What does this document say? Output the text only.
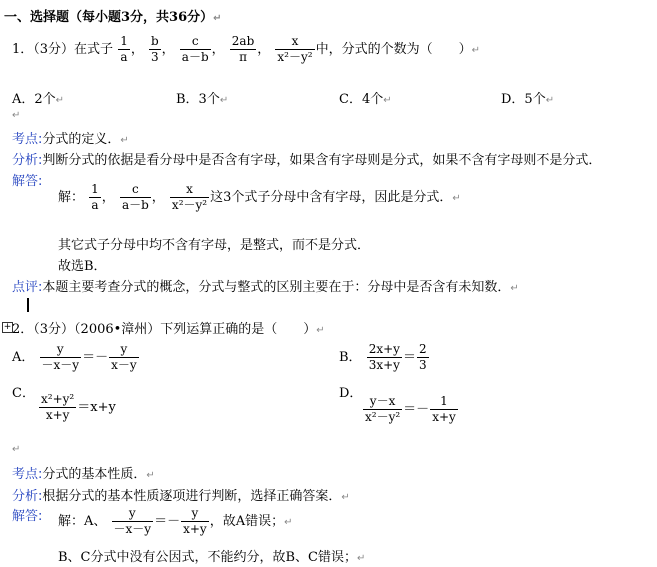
一、选择题（每小题3分，共36分）↵
1．（3分）在式子 $\frac{1}{a}$ ， $\frac{b}{3}$ ， $\frac{c}{a-b}$ ， $\frac{2ab}{\pi}$ ， $\frac{x}{\text{x²－y²}}$ 中，分式的个数为（　　）↵
A．2个↵	B．3个↵	C．4个↵	D．5个↵
↵
考点:分式的定义．↵
分析:判断分式的依据是看分母中是否含有字母，如果含有字母则是分式，如果不含有字母则不是分式．
解答:
解： $\frac{1}{a}$ ， $\frac{c}{a-b}$ ， $\frac{x}{\text{x²－y²}}$ 这3个式子分母中含有字母，因此是分式．↵
其它式子分母中均不含有字母，是整式，而不是分式．
故选B．
点评:本题主要考查分式的概念，分式与整式的区别主要在于：分母中是否含有未知数．↵
+ 2．（3分）（2006•漳州）下列运算正确的是（　　）↵
A． $\frac{y}{-x-y} =- \frac{y}{x-y}$	B． $\frac{2x+y}{3x+y} = \frac{2}{3}$
C． $\frac{\text{x²+y²}}{x+y} =x+y$
D．
$\frac{y-x}{\text{x²－y²}} =- \frac{1}{x+y}$
↵
考点:分式的基本性质．↵
分析:根据分式的基本性质逐项进行判断，选择正确答案．↵
解答: 解：A、 $\frac{y}{-x-y} =- \frac{y}{x+y}$ ，故A错误；↵
B、C分式中没有公因式，不能约分，故B、C错误；↵
